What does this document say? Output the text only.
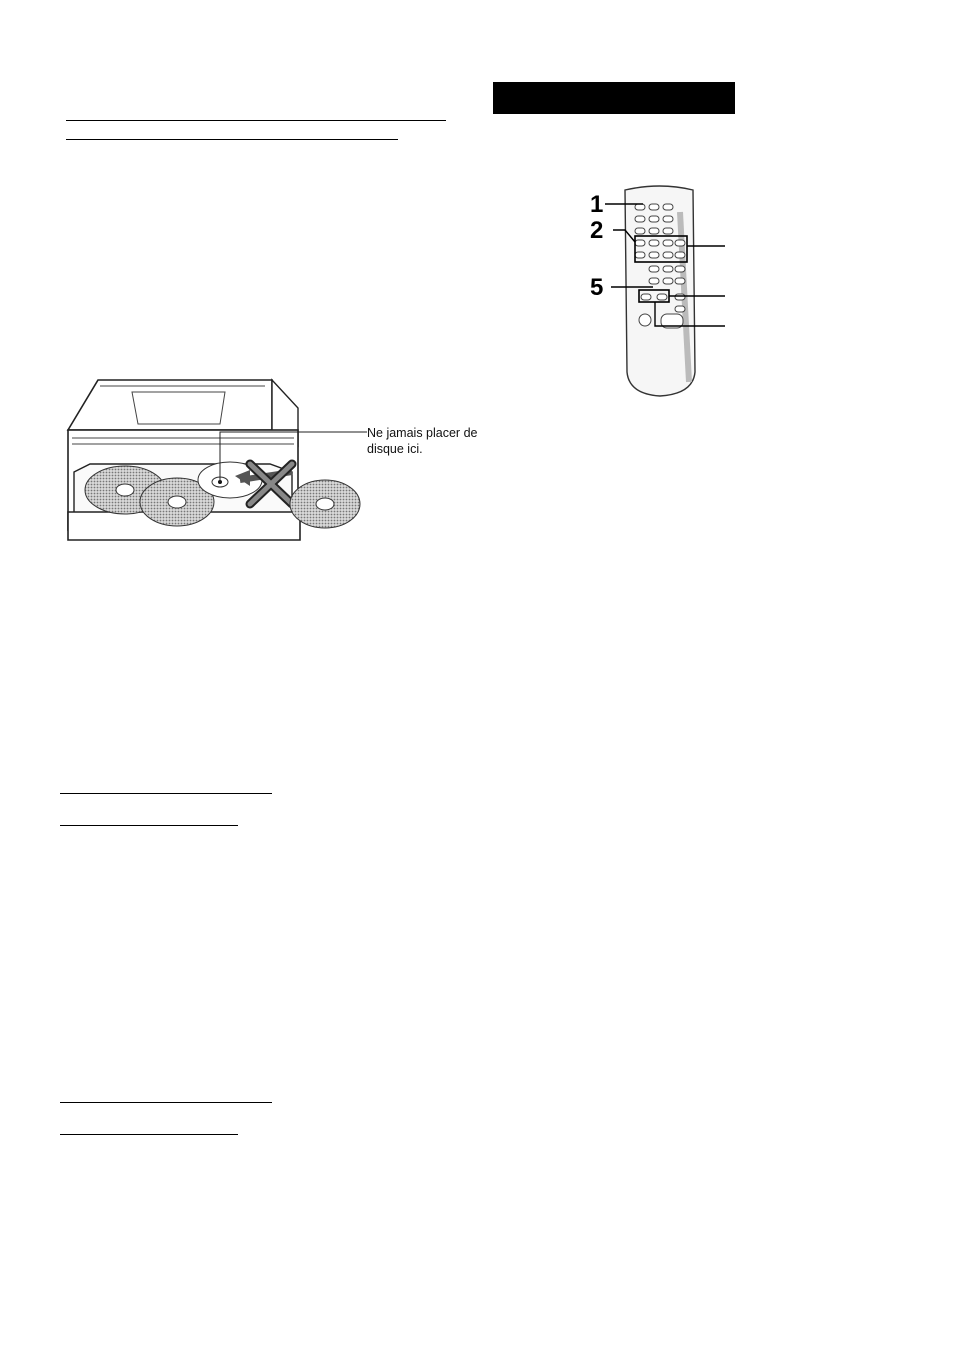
Ne jamais placer de
disque ici.
1
2
5
